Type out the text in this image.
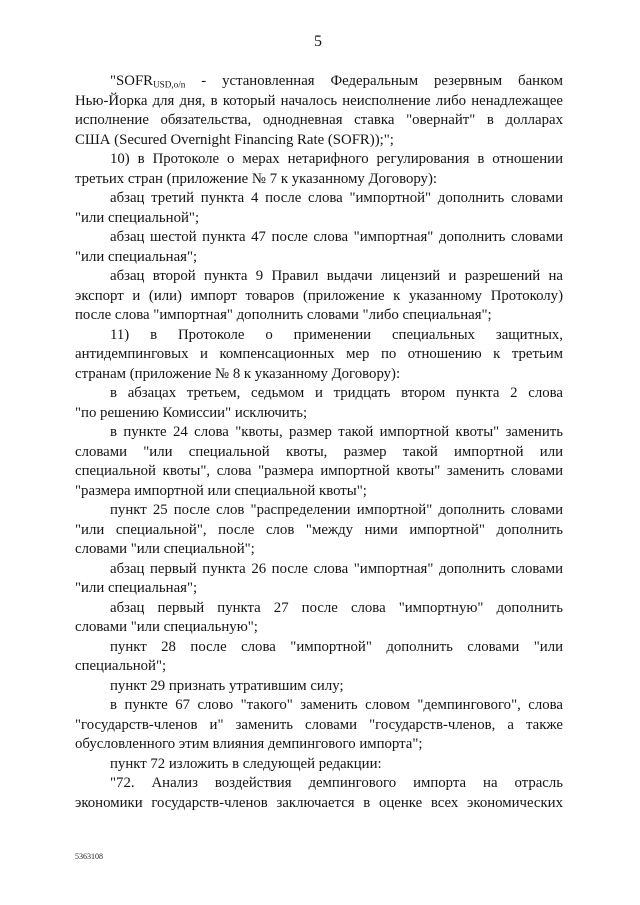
5
"$SOFR_{USD,o/n}$ - установленная Федеральным резервным банком
Нью-Йорка для дня, в который началось неисполнение либо ненадлежащее
исполнение обязательства, однодневная ставка "овернайт" в долларах
США (Secured Overnight Financing Rate (SOFR));";
10) в Протоколе о мерах нетарифного регулирования в отношении
третьих стран (приложение № 7 к указанному Договору):
абзац третий пункта 4 после слова "импортной" дополнить словами
"или специальной";
абзац шестой пункта 47 после слова "импортная" дополнить словами
"или специальная";
абзац второй пункта 9 Правил выдачи лицензий и разрешений на
экспорт и (или) импорт товаров (приложение к указанному Протоколу)
после слова "импортная" дополнить словами "либо специальная";
11) в Протоколе о применении специальных защитных,
антидемпинговых и компенсационных мер по отношению к третьим
странам (приложение № 8 к указанному Договору):
в абзацах третьем, седьмом и тридцать втором пункта 2 слова
"по решению Комиссии" исключить;
в пункте 24 слова "квоты, размер такой импортной квоты" заменить
словами "или специальной квоты, размер такой импортной или
специальной квоты", слова "размера импортной квоты" заменить словами
"размера импортной или специальной квоты";
пункт 25 после слов "распределении импортной" дополнить словами
"или специальной", после слов "между ними импортной" дополнить
словами "или специальной";
абзац первый пункта 26 после слова "импортная" дополнить словами
"или специальная";
абзац первый пункта 27 после слова "импортную" дополнить
словами "или специальную";
пункт 28 после слова "импортной" дополнить словами "или
специальной";
пункт 29 признать утратившим силу;
в пункте 67 слово "такого" заменить словом "демпингового", слова
"государств-членов и" заменить словами "государств-членов, а также
обусловленного этим влияния демпингового импорта";
пункт 72 изложить в следующей редакции:
"72. Анализ воздействия демпингового импорта на отрасль
экономики государств-членов заключается в оценке всех экономических
5363108
